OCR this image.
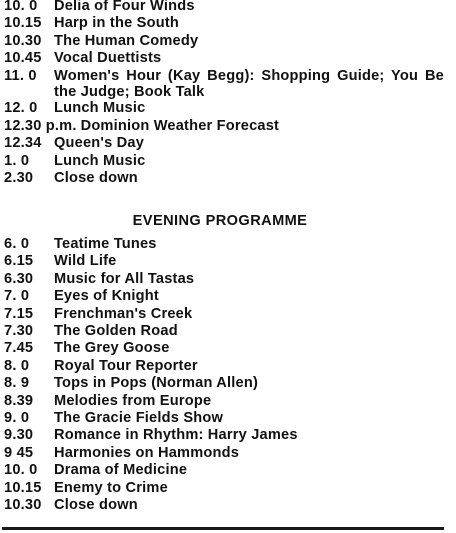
10. 0	Delia of Four Winds
10.15 Harp in the South
10.30 The Human Comedy
10.45 Vocal Duettists
11. 0	Women's Hour (Kay Begg): Shopping Guide; You Be the Judge; Book Talk
12. 0	Lunch Music
12.30 p.m. Dominion Weather Forecast
12.34 Queen's Day
1. 0	Lunch Music
2.30	Close down
EVENING PROGRAMME
6. 0	Teatime Tunes
6.15	Wild Life
6.30	Music for All Tastas
7. 0	Eyes of Knight
7.15	Frenchman's Creek
7.30	The Golden Road
7.45	The Grey Goose
8. 0	Royal Tour Reporter
8. 9	Tops in Pops (Norman Allen)
8.39	Melodies from Europe
9. 0	The Gracie Fields Show
9.30	Romance in Rhythm: Harry James
9 45	Harmonies on Hammonds
10. 0	Drama of Medicine
10.15 Enemy to Crime
10.30 Close down
